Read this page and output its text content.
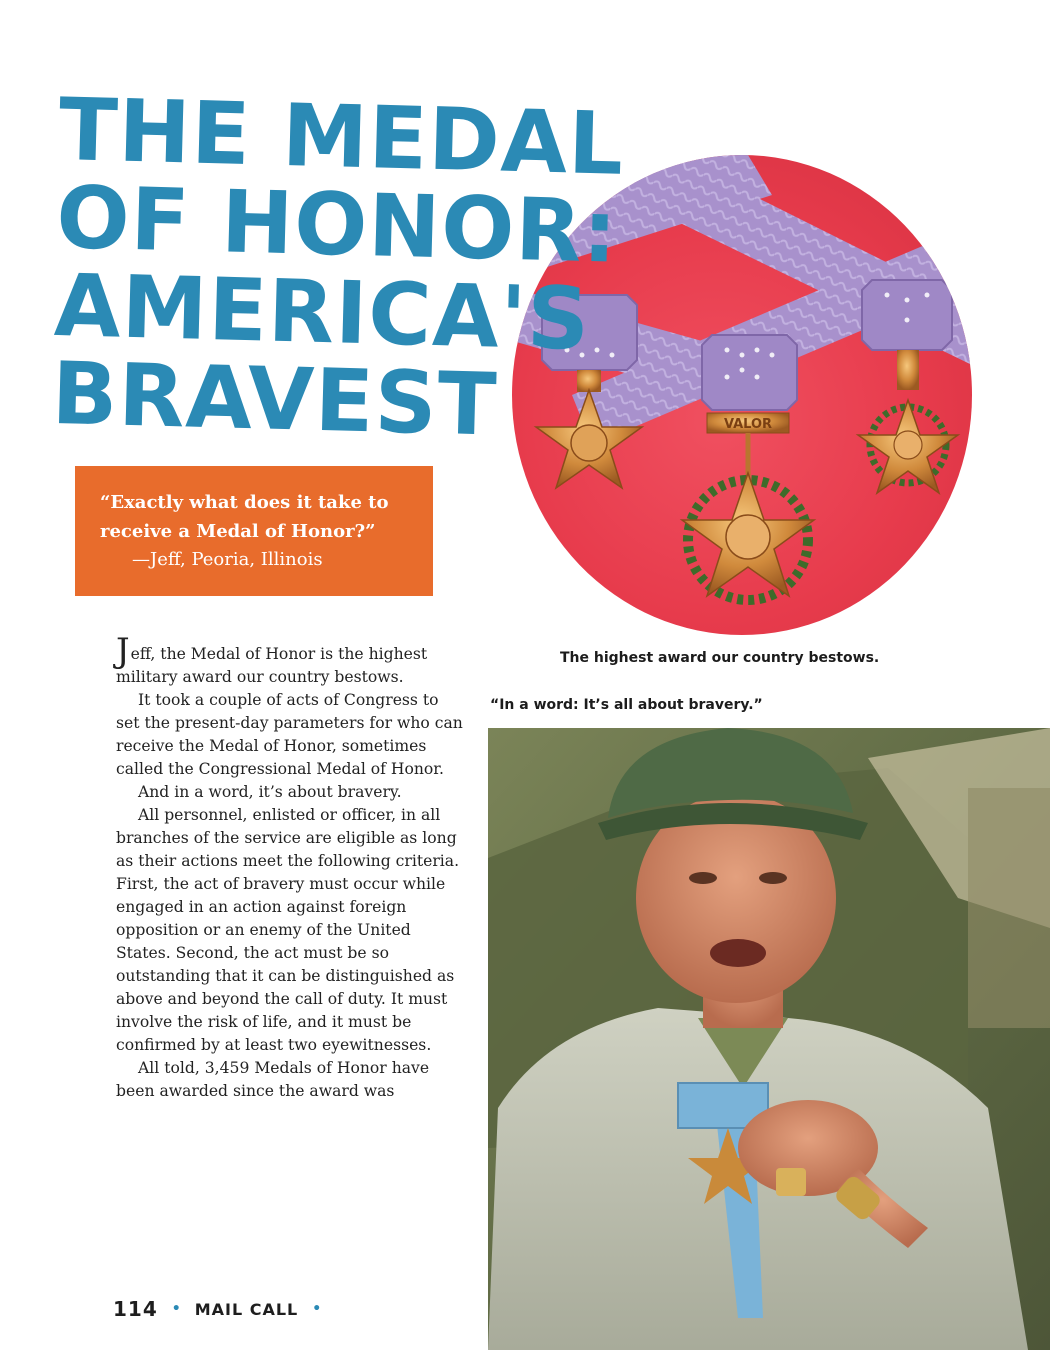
THE MEDAL
OF HONOR:
AMERICA'S
BRAVEST

“Exactly what does it take to receive a Medal of Honor?”

—Jeff, Peoria, Illinois

VALOR

The highest award our country bestows.

“In a word: It’s all about bravery.”

Jeff, the Medal of Honor is the highest military award our country bestows.

It took a couple of acts of Congress to set the present-day parameters for who can receive the Medal of Honor, sometimes called the Congressional Medal of Honor.

And in a word, it’s about bravery.

All personnel, enlisted or officer, in all branches of the service are eligible as long as their actions meet the following criteria. First, the act of bravery must occur while engaged in an action against foreign opposition or an enemy of the United States. Second, the act must be so outstanding that it can be distinguished as above and beyond the call of duty. It must involve the risk of life, and it must be confirmed by at least two eyewitnesses.

All told, 3,459 Medals of Honor have been awarded since the award was

114 • MAIL CALL •
